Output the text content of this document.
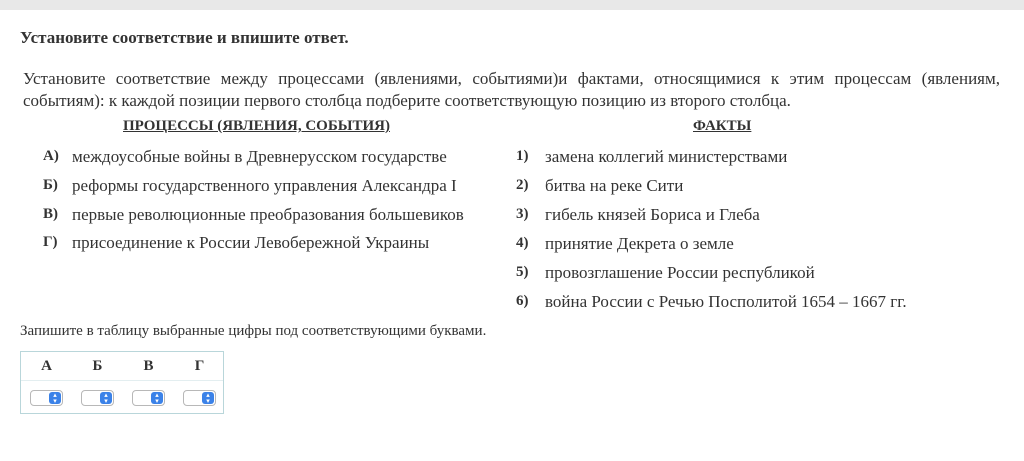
Установите соответствие и впишите ответ.
Установите соответствие между процессами (явлениями, событиями)и фактами, относящимися к этим процессам (явлениям, событиям): к каждой позиции первого столбца подберите соответствующую позицию из второго столбца.
ПРОЦЕССЫ (ЯВЛЕНИЯ, СОБЫТИЯ)	ФАКТЫ
А) междоусобные войны в Древнерусском государстве
Б) реформы государственного управления Александра I
В) первые революционные преобразования большевиков
Г) присоединение к России Левобережной Украины
1) замена коллегий министерствами
2) битва на реке Сити
3) гибель князей Бориса и Глеба
4) принятие Декрета о земле
5) провозглашение России республикой
6) война России с Речью Посполитой 1654 – 1667 гг.
Запишите в таблицу выбранные цифры под соответствующими буквами.
А
▴
▾
Б
▴
▾
В
▴
▾
Г
▴
▾
